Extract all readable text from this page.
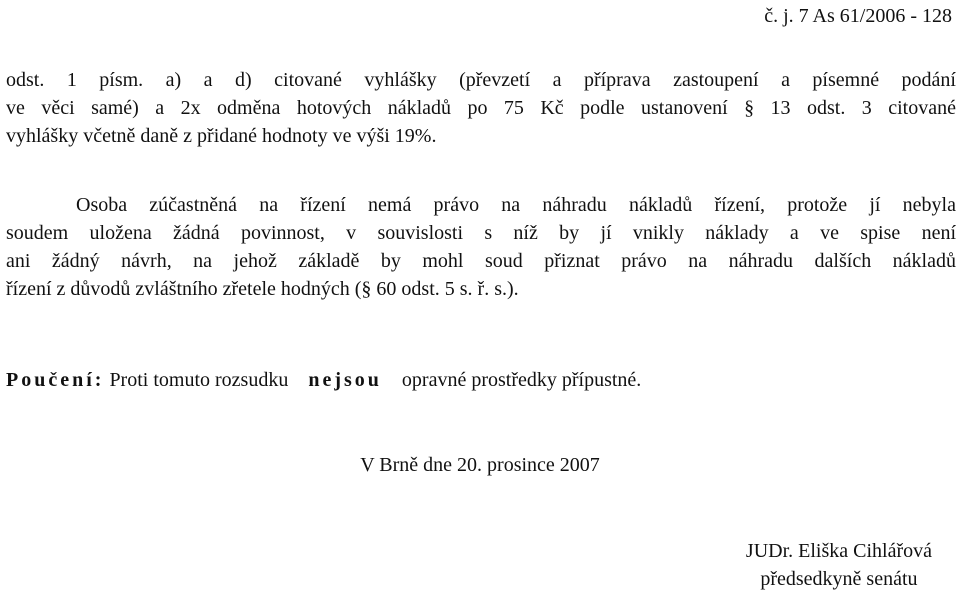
č. j. 7 As 61/2006 - 128
odst. 1 písm. a) a d) citované vyhlášky (převzetí a příprava zastoupení a písemné podání
ve věci samé) a 2x odměna hotových nákladů po 75 Kč podle ustanovení § 13 odst. 3 citované
vyhlášky včetně daně z přidané hodnoty ve výši 19%.
Osoba zúčastněná na řízení nemá právo na náhradu nákladů řízení, protože jí nebyla
soudem uložena žádná povinnost, v souvislosti s níž by jí vnikly náklady a ve spise není
ani žádný návrh, na jehož základě by mohl soud přiznat právo na náhradu dalších nákladů
řízení z důvodů zvláštního zřetele hodných (§ 60 odst. 5 s. ř. s.).
Poučení: Proti tomuto rozsudku nejsou opravné prostředky přípustné.
V Brně dne 20. prosince 2007
JUDr. Eliška Cihlářová
předsedkyně senátu
